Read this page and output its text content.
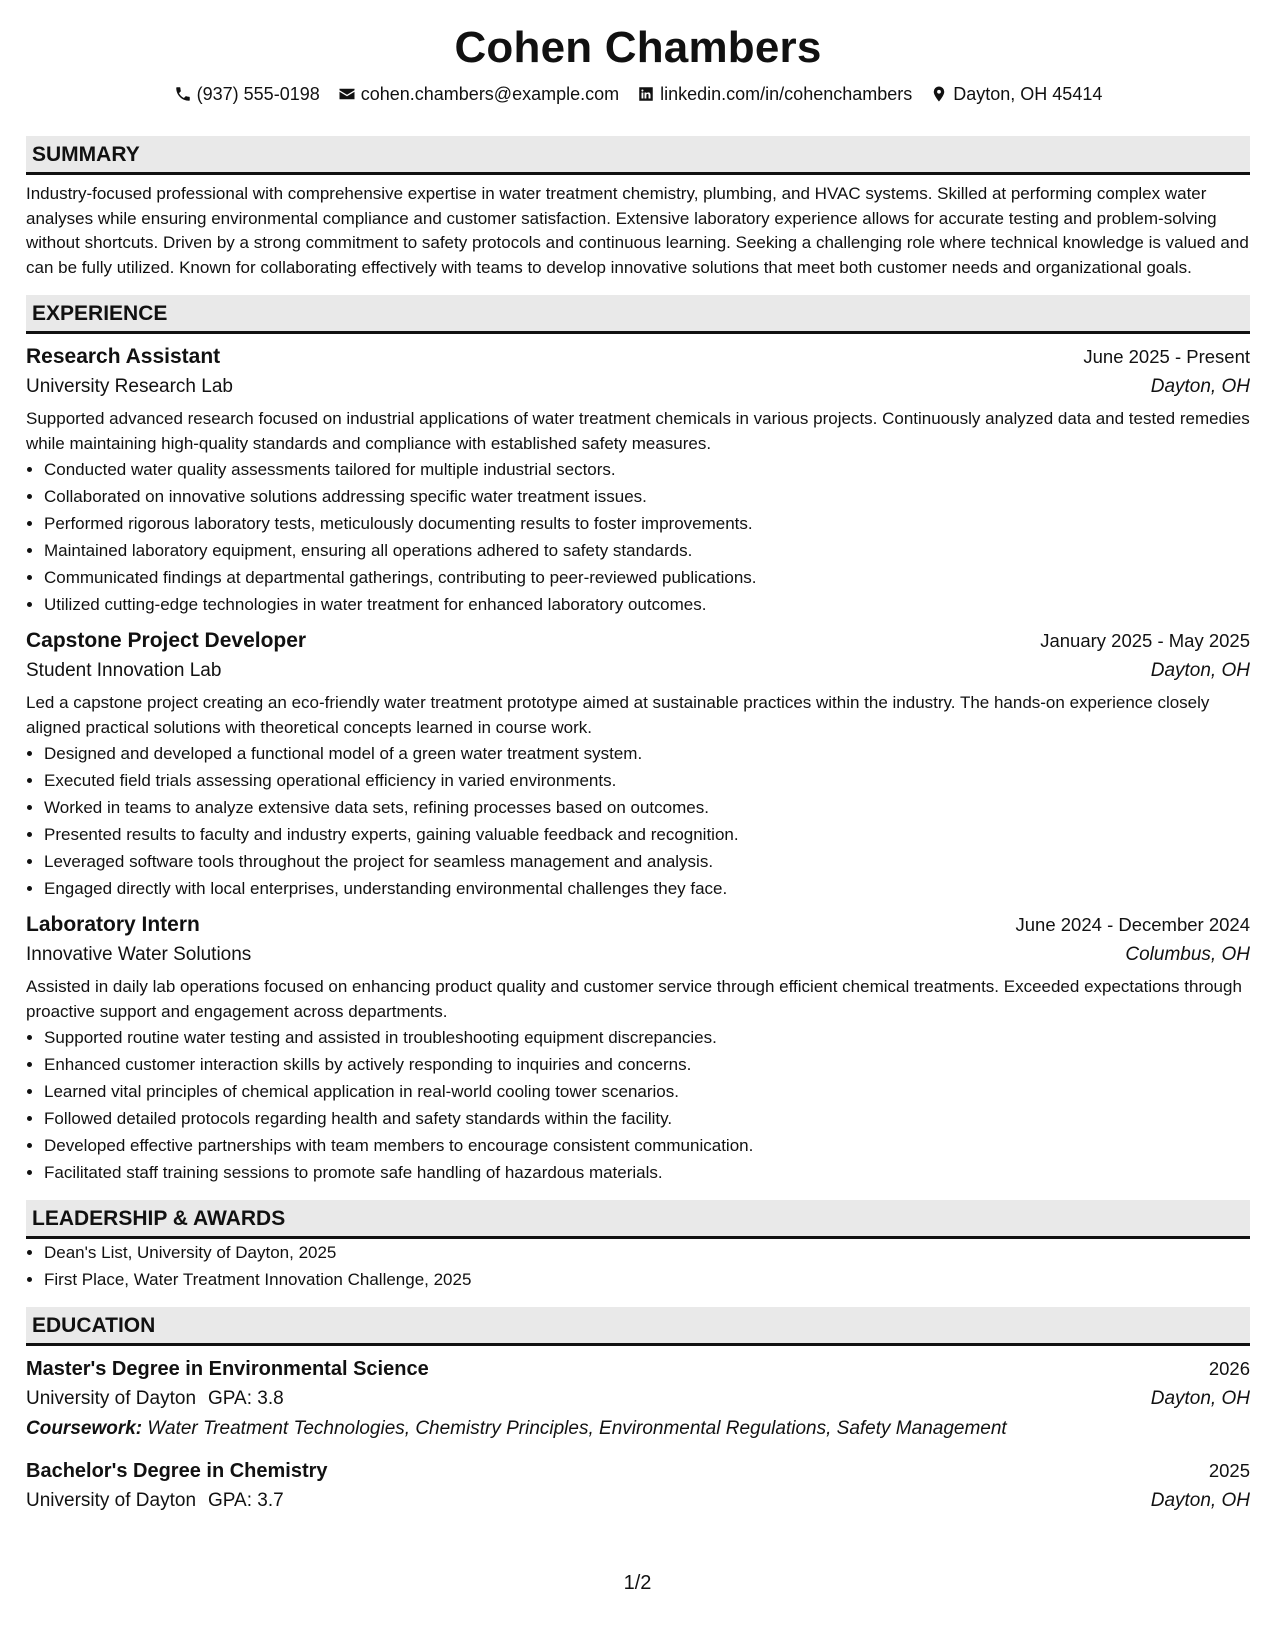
Cohen Chambers
(937) 555-0198 cohen.chambers@example.com linkedin.com/in/cohenchambers Dayton, OH 45414
SUMMARY
Industry-focused professional with comprehensive expertise in water treatment chemistry, plumbing, and HVAC systems. Skilled at performing complex water analyses while ensuring environmental compliance and customer satisfaction. Extensive laboratory experience allows for accurate testing and problem-solving without shortcuts. Driven by a strong commitment to safety protocols and continuous learning. Seeking a challenging role where technical knowledge is valued and can be fully utilized. Known for collaborating effectively with teams to develop innovative solutions that meet both customer needs and organizational goals.
EXPERIENCE
Research Assistant	June 2025 - Present
University Research Lab	Dayton, OH
Supported advanced research focused on industrial applications of water treatment chemicals in various projects. Continuously analyzed data and tested remedies while maintaining high-quality standards and compliance with established safety measures.
• Conducted water quality assessments tailored for multiple industrial sectors.
• Collaborated on innovative solutions addressing specific water treatment issues.
• Performed rigorous laboratory tests, meticulously documenting results to foster improvements.
• Maintained laboratory equipment, ensuring all operations adhered to safety standards.
• Communicated findings at departmental gatherings, contributing to peer-reviewed publications.
• Utilized cutting-edge technologies in water treatment for enhanced laboratory outcomes.
Capstone Project Developer	January 2025 - May 2025
Student Innovation Lab	Dayton, OH
Led a capstone project creating an eco-friendly water treatment prototype aimed at sustainable practices within the industry. The hands-on experience closely aligned practical solutions with theoretical concepts learned in course work.
• Designed and developed a functional model of a green water treatment system.
• Executed field trials assessing operational efficiency in varied environments.
• Worked in teams to analyze extensive data sets, refining processes based on outcomes.
• Presented results to faculty and industry experts, gaining valuable feedback and recognition.
• Leveraged software tools throughout the project for seamless management and analysis.
• Engaged directly with local enterprises, understanding environmental challenges they face.
Laboratory Intern	June 2024 - December 2024
Innovative Water Solutions	Columbus, OH
Assisted in daily lab operations focused on enhancing product quality and customer service through efficient chemical treatments. Exceeded expectations through proactive support and engagement across departments.
• Supported routine water testing and assisted in troubleshooting equipment discrepancies.
• Enhanced customer interaction skills by actively responding to inquiries and concerns.
• Learned vital principles of chemical application in real-world cooling tower scenarios.
• Followed detailed protocols regarding health and safety standards within the facility.
• Developed effective partnerships with team members to encourage consistent communication.
• Facilitated staff training sessions to promote safe handling of hazardous materials.
LEADERSHIP & AWARDS
• Dean's List, University of Dayton, 2025
• First Place, Water Treatment Innovation Challenge, 2025
EDUCATION
Master's Degree in Environmental Science	2026
University of Dayton GPA: 3.8	Dayton, OH
Coursework: Water Treatment Technologies, Chemistry Principles, Environmental Regulations, Safety Management
Bachelor's Degree in Chemistry	2025
University of Dayton GPA: 3.7	Dayton, OH
1/2
